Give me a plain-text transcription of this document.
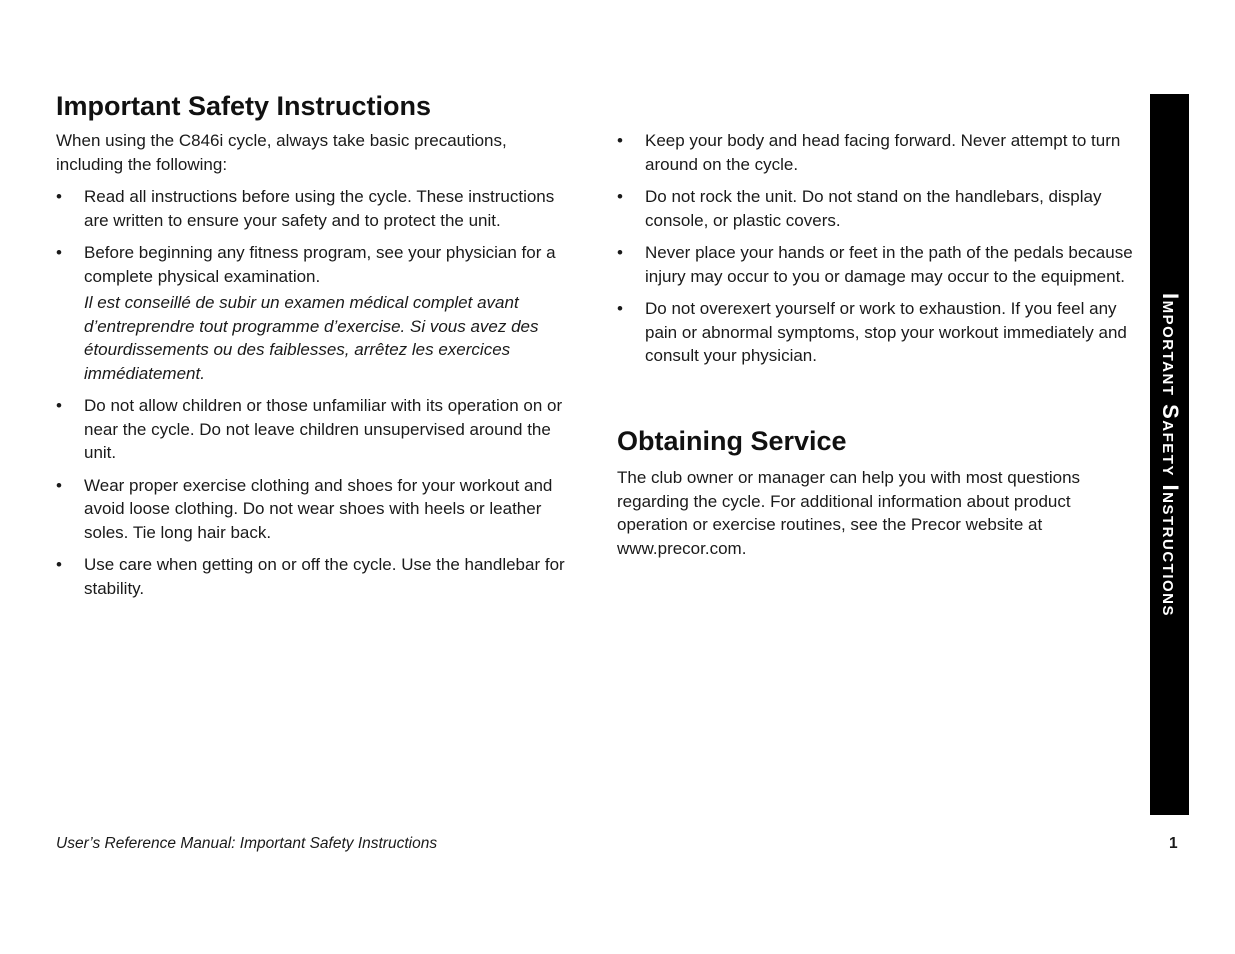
Important Safety Instructions

When using the C846i cycle, always take basic precautions, including the following:

• Read all instructions before using the cycle. These instructions are written to ensure your safety and to protect the unit.
• Before beginning any fitness program, see your physician for a complete physical examination.

Il est conseillé de subir un examen médical complet avant d’entreprendre tout programme d’exercise. Si vous avez des étourdissements ou des faiblesses, arrêtez les exercices immédiatement.

• Do not allow children or those unfamiliar with its operation on or near the cycle. Do not leave children unsupervised around the unit.
• Wear proper exercise clothing and shoes for your workout and avoid loose clothing. Do not wear shoes with heels or leather soles. Tie long hair back.
• Use care when getting on or off the cycle. Use the handlebar for stability.
• Keep your body and head facing forward. Never attempt to turn around on the cycle.
• Do not rock the unit. Do not stand on the handlebars, display console, or plastic covers.
• Never place your hands or feet in the path of the pedals because injury may occur to you or damage may occur to the equipment.
• Do not overexert yourself or work to exhaustion. If you feel any pain or abnormal symptoms, stop your workout immediately and consult your physician.
Obtaining Service

The club owner or manager can help you with most questions regarding the cycle. For additional information about product operation or exercise routines, see the Precor website at www.precor.com.	Important Safety Instructions
User’s Reference Manual: Important Safety Instructions	1
